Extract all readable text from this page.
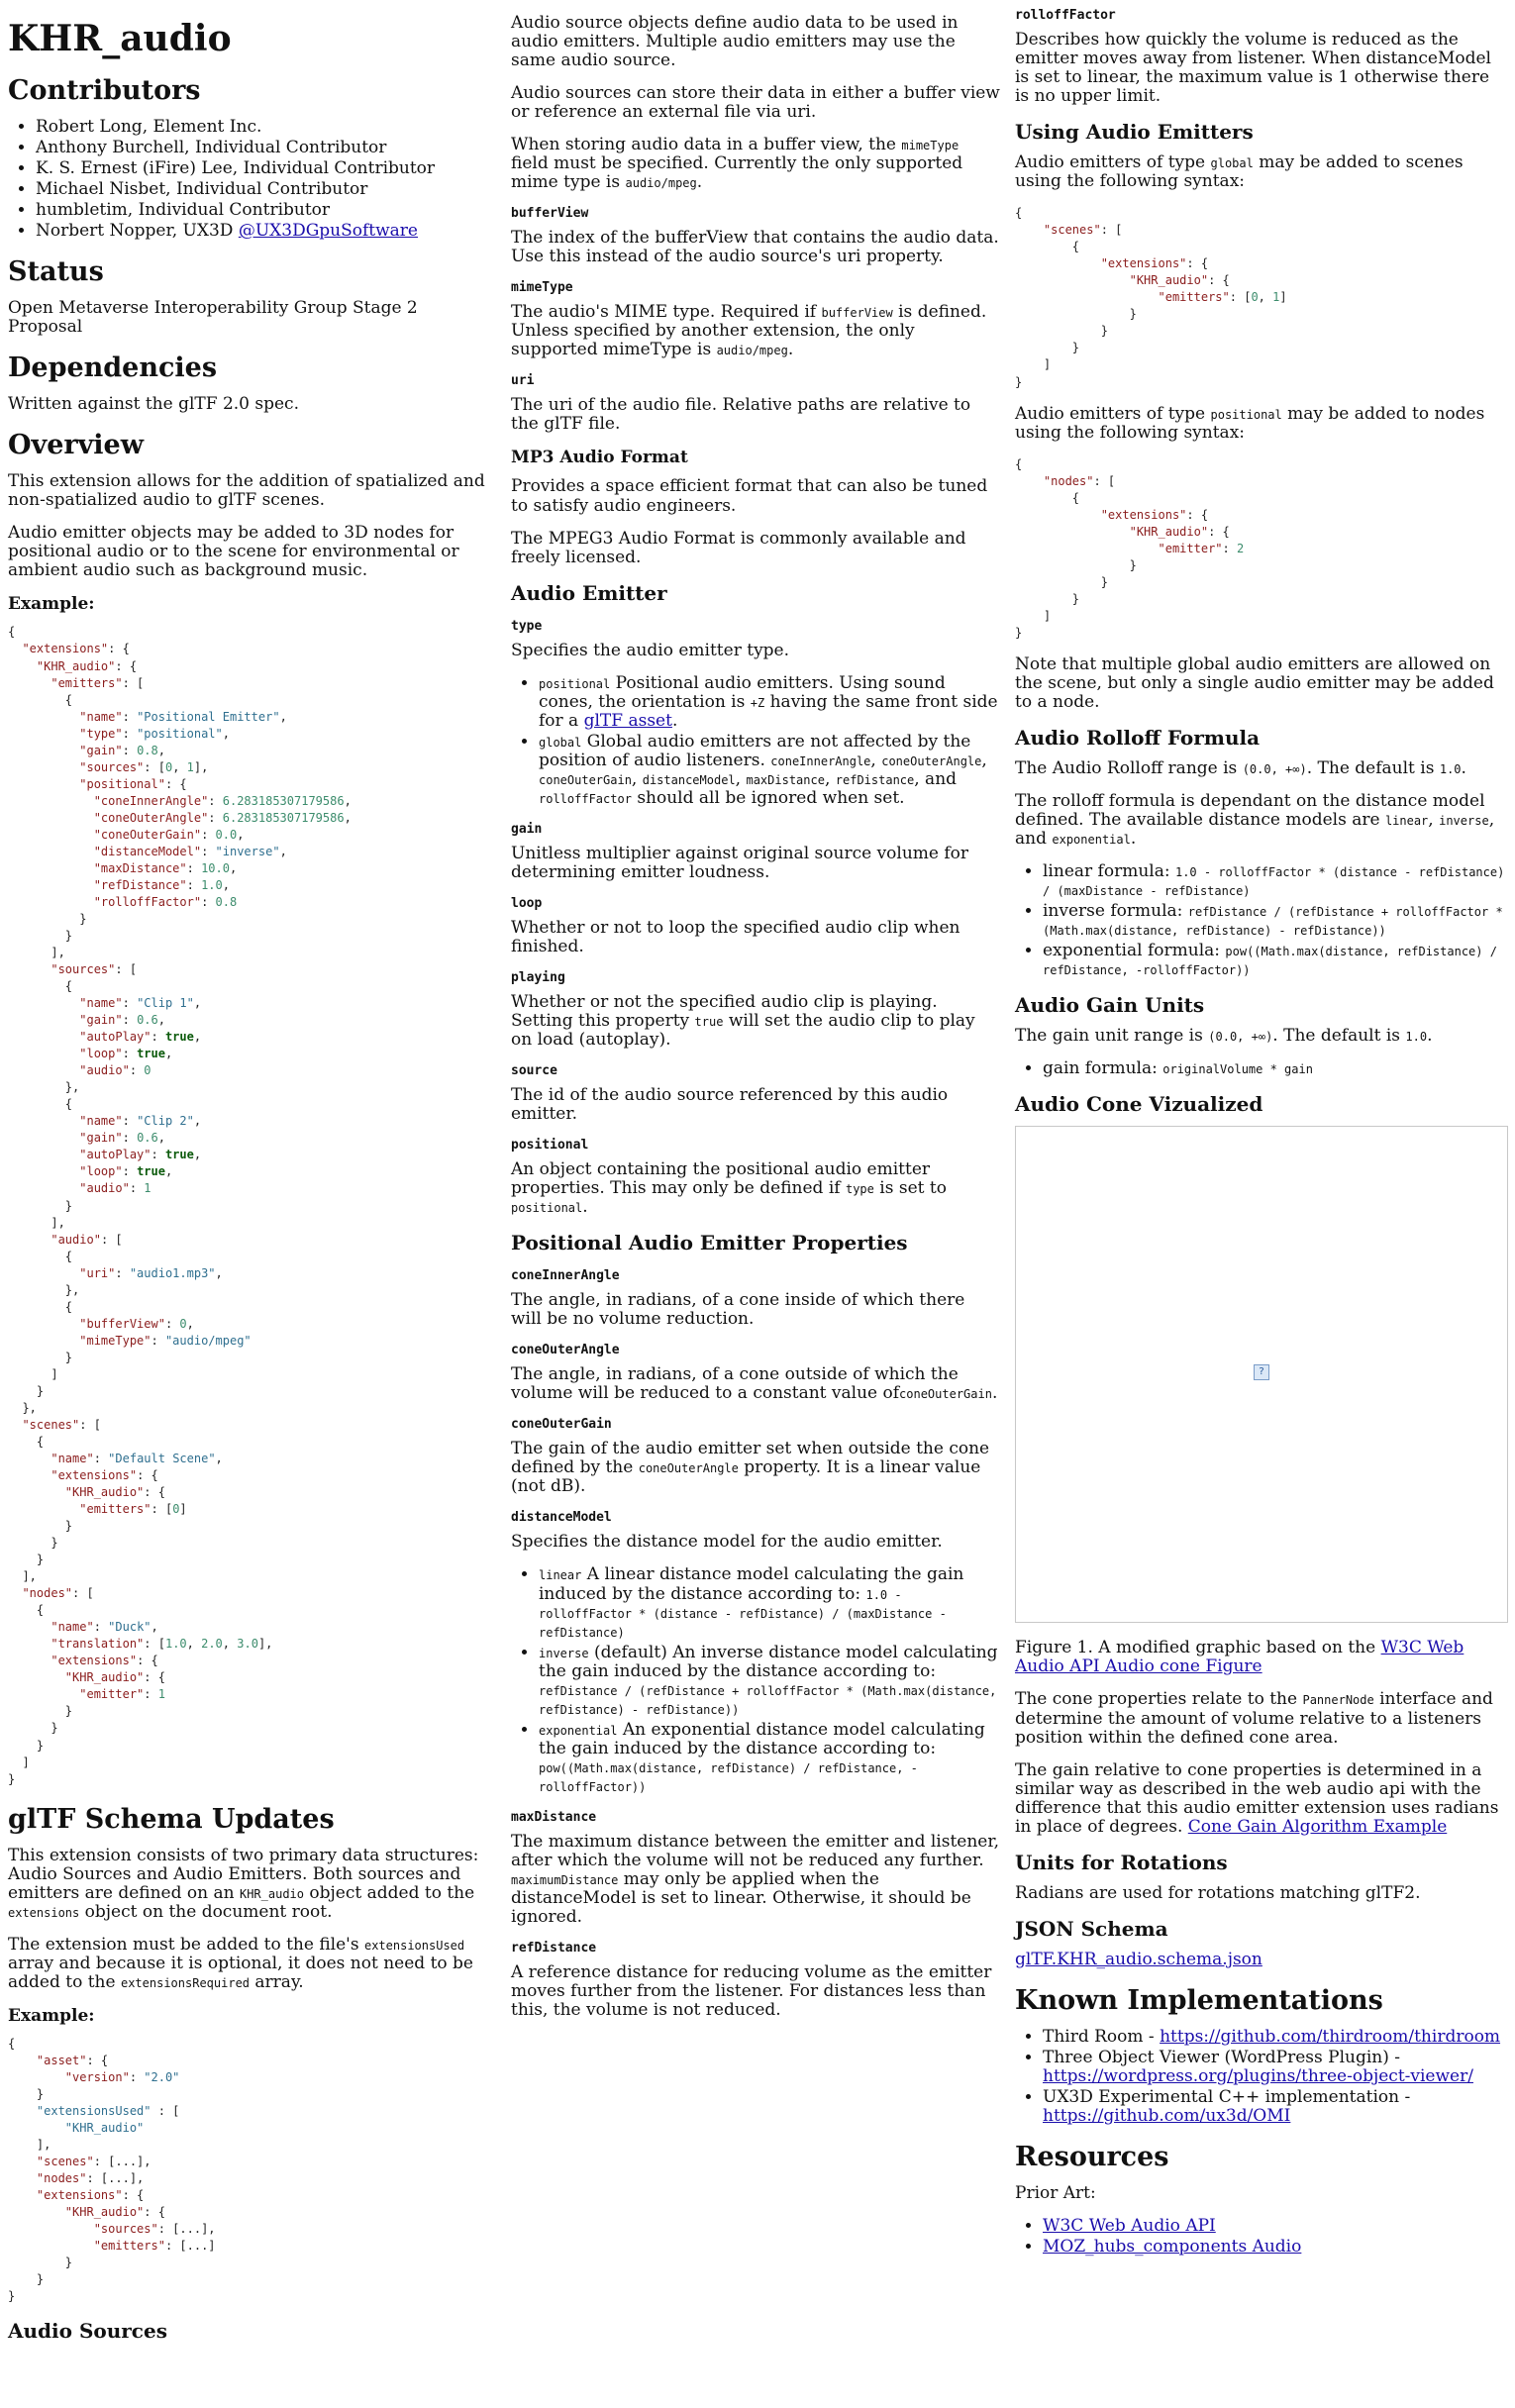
KHR_audio
Contributors
• Robert Long, Element Inc.
• Anthony Burchell, Individual Contributor
• K. S. Ernest (iFire) Lee, Individual Contributor
• Michael Nisbet, Individual Contributor
• humbletim, Individual Contributor
• Norbert Nopper, UX3D @UX3DGpuSoftware
Status

Open Metaverse Interoperability Group Stage 2 Proposal

Dependencies

Written against the glTF 2.0 spec.

Overview

This extension allows for the addition of spatialized and non-spatialized audio to glTF scenes.

Audio emitter objects may be added to 3D nodes for positional audio or to the scene for environmental or ambient audio such as background music.

Example:
{
"extensions": {
"KHR_audio": {
"emitters": [
{
"name": "Positional Emitter",
"type": "positional",
"gain": 0.8,
"sources": [0, 1],
"positional": {
"coneInnerAngle": 6.283185307179586,
"coneOuterAngle": 6.283185307179586,
"coneOuterGain": 0.0,
"distanceModel": "inverse",
"maxDistance": 10.0,
"refDistance": 1.0,
"rolloffFactor": 0.8
}
}
],
"sources": [
{
"name": "Clip 1",
"gain": 0.6,
"autoPlay": true,
"loop": true,
"audio": 0
},
{
"name": "Clip 2",
"gain": 0.6,
"autoPlay": true,
"loop": true,
"audio": 1
}
],
"audio": [
{
"uri": "audio1.mp3",
},
{
"bufferView": 0,
"mimeType": "audio/mpeg"
}
]
}
},
"scenes": [
{
"name": "Default Scene",
"extensions": {
"KHR_audio": {
"emitters": [0]
}
}
}
],
"nodes": [
{
"name": "Duck",
"translation": [1.0, 2.0, 3.0],
"extensions": {
"KHR_audio": {
"emitter": 1
}
}
}
]
}
glTF Schema Updates

This extension consists of two primary data structures: Audio Sources and Audio Emitters. Both sources and emitters are defined on an KHR_audio object added to the extensions object on the document root.

The extension must be added to the file's extensionsUsed array and because it is optional, it does not need to be added to the extensionsRequired array.

Example:
{
"asset": {
"version": "2.0"
}
"extensionsUsed" : [
"KHR_audio"
],
"scenes": [...],
"nodes": [...],
"extensions": {
"KHR_audio": {
"sources": [...],
"emitters": [...]
}
}
}
Audio Sources

Audio source objects define audio data to be used in audio emitters. Multiple audio emitters may use the same audio source.

Audio sources can store their data in either a buffer view or reference an external file via uri.

When storing audio data in a buffer view, the mimeType field must be specified. Currently the only supported mime type is audio/mpeg.

bufferView

The index of the bufferView that contains the audio data. Use this instead of the audio source's uri property.

mimeType

The audio's MIME type. Required if bufferView is defined. Unless specified by another extension, the only supported mimeType is audio/mpeg.

uri

The uri of the audio file. Relative paths are relative to the glTF file.

MP3 Audio Format

Provides a space efficient format that can also be tuned to satisfy audio engineers.

The MPEG3 Audio Format is commonly available and freely licensed.

Audio Emitter
type

Specifies the audio emitter type.

• positional Positional audio emitters. Using sound cones, the orientation is +Z having the same front side for a glTF asset.
• global Global audio emitters are not affected by the position of audio listeners. coneInnerAngle, coneOuterAngle, coneOuterGain, distanceModel, maxDistance, refDistance, and rolloffFactor should all be ignored when set.
gain

Unitless multiplier against original source volume for determining emitter loudness.

loop

Whether or not to loop the specified audio clip when finished.

playing

Whether or not the specified audio clip is playing. Setting this property true will set the audio clip to play on load (autoplay).

source

The id of the audio source referenced by this audio emitter.

positional

An object containing the positional audio emitter properties. This may only be defined if type is set to positional.

Positional Audio Emitter Properties
coneInnerAngle

The angle, in radians, of a cone inside of which there will be no volume reduction.

coneOuterAngle

The angle, in radians, of a cone outside of which the volume will be reduced to a constant value ofconeOuterGain.

coneOuterGain

The gain of the audio emitter set when outside the cone defined by the coneOuterAngle property. It is a linear value (not dB).

distanceModel

Specifies the distance model for the audio emitter.

• linear A linear distance model calculating the gain induced by the distance according to: 1.0 - rolloffFactor * (distance - refDistance) / (maxDistance - refDistance)
• inverse (default) An inverse distance model calculating the gain induced by the distance according to: refDistance / (refDistance + rolloffFactor * (Math.max(distance, refDistance) - refDistance))
• exponential An exponential distance model calculating the gain induced by the distance according to: pow((Math.max(distance, refDistance) / refDistance, -rolloffFactor))
maxDistance

The maximum distance between the emitter and listener, after which the volume will not be reduced any further. maximumDistance may only be applied when the distanceModel is set to linear. Otherwise, it should be ignored.

refDistance

A reference distance for reducing volume as the emitter moves further from the listener. For distances less than this, the volume is not reduced.

rolloffFactor

Describes how quickly the volume is reduced as the emitter moves away from listener. When distanceModel is set to linear, the maximum value is 1 otherwise there is no upper limit.

Using Audio Emitters

Audio emitters of type global may be added to scenes using the following syntax:

{
"scenes": [
{
"extensions": {
"KHR_audio": {
"emitters": [0, 1]
}
}
}
]
}

Audio emitters of type positional may be added to nodes using the following syntax:

{
"nodes": [
{
"extensions": {
"KHR_audio": {
"emitter": 2
}
}
}
]
}

Note that multiple global audio emitters are allowed on the scene, but only a single audio emitter may be added to a node.

Audio Rolloff Formula

The Audio Rolloff range is (0.0, +∞). The default is 1.0.

The rolloff formula is dependant on the distance model defined. The available distance models are linear, inverse, and exponential.

• linear formula: 1.0 - rolloffFactor * (distance - refDistance) / (maxDistance - refDistance)
• inverse formula: refDistance / (refDistance + rolloffFactor * (Math.max(distance, refDistance) - refDistance))
• exponential formula: pow((Math.max(distance, refDistance) / refDistance, -rolloffFactor))
Audio Gain Units

The gain unit range is (0.0, +∞). The default is 1.0.

• gain formula: originalVolume * gain
Audio Cone Vizualized
?

Figure 1. A modified graphic based on the W3C Web Audio API Audio cone Figure

The cone properties relate to the PannerNode interface and determine the amount of volume relative to a listeners position within the defined cone area.

The gain relative to cone properties is determined in a similar way as described in the web audio api with the difference that this audio emitter extension uses radians in place of degrees. Cone Gain Algorithm Example

Units for Rotations

Radians are used for rotations matching glTF2.

JSON Schema

glTF.KHR_audio.schema.json

Known Implementations
• Third Room - https://github.com/thirdroom/thirdroom
• Three Object Viewer (WordPress Plugin) - https://wordpress.org/plugins/three-object-viewer/
• UX3D Experimental C++ implementation - https://github.com/ux3d/OMI
Resources

Prior Art:

• W3C Web Audio API
• MOZ_hubs_components Audio
